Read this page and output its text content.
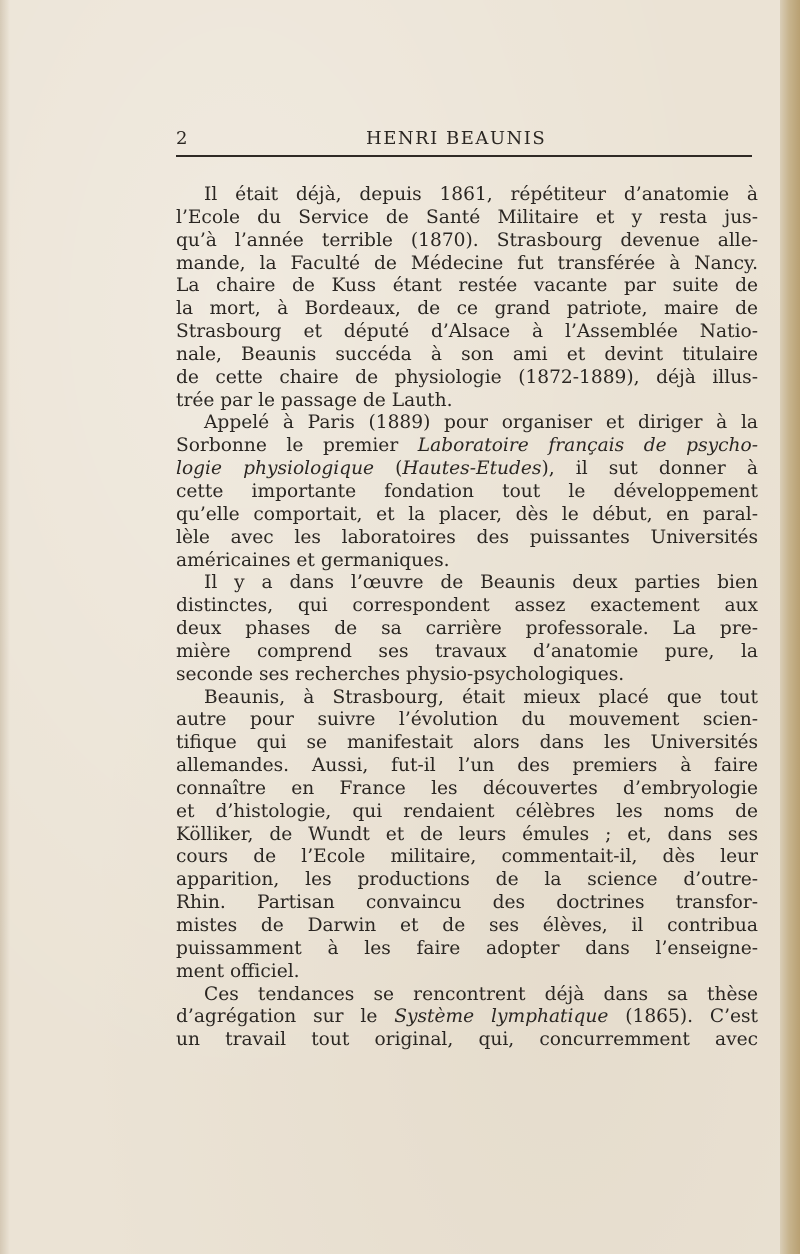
2	HENRI BEAUNIS
Il était déjà, depuis 1861, répétiteur d’anatomie à
l’Ecole du Service de Santé Militaire et y resta jus-
qu’à l’année terrible (1870). Strasbourg devenue alle-
mande, la Faculté de Médecine fut transférée à Nancy.
La chaire de Kuss étant restée vacante par suite de
la mort, à Bordeaux, de ce grand patriote, maire de
Strasbourg et député d’Alsace à l’Assemblée Natio-
nale, Beaunis succéda à son ami et devint titulaire
de cette chaire de physiologie (1872-1889), déjà illus-
trée par le passage de Lauth.
Appelé à Paris (1889) pour organiser et diriger à la
Sorbonne le premier Laboratoire français de psycho-
logie physiologique (Hautes-Etudes), il sut donner à
cette importante fondation tout le développement
qu’elle comportait, et la placer, dès le début, en paral-
lèle avec les laboratoires des puissantes Universités
américaines et germaniques.
Il y a dans l’œuvre de Beaunis deux parties bien
distinctes, qui correspondent assez exactement aux
deux phases de sa carrière professorale. La pre-
mière comprend ses travaux d’anatomie pure, la
seconde ses recherches physio-psychologiques.
Beaunis, à Strasbourg, était mieux placé que tout
autre pour suivre l’évolution du mouvement scien-
tifique qui se manifestait alors dans les Universités
allemandes. Aussi, fut-il l’un des premiers à faire
connaître en France les découvertes d’embryologie
et d’histologie, qui rendaient célèbres les noms de
Kölliker, de Wundt et de leurs émules ; et, dans ses
cours de l’Ecole militaire, commentait-il, dès leur
apparition, les productions de la science d’outre-
Rhin. Partisan convaincu des doctrines transfor-
mistes de Darwin et de ses élèves, il contribua
puissamment à les faire adopter dans l’enseigne-
ment officiel.
Ces tendances se rencontrent déjà dans sa thèse
d’agrégation sur le Système lymphatique (1865). C’est
un travail tout original, qui, concurremment avec
